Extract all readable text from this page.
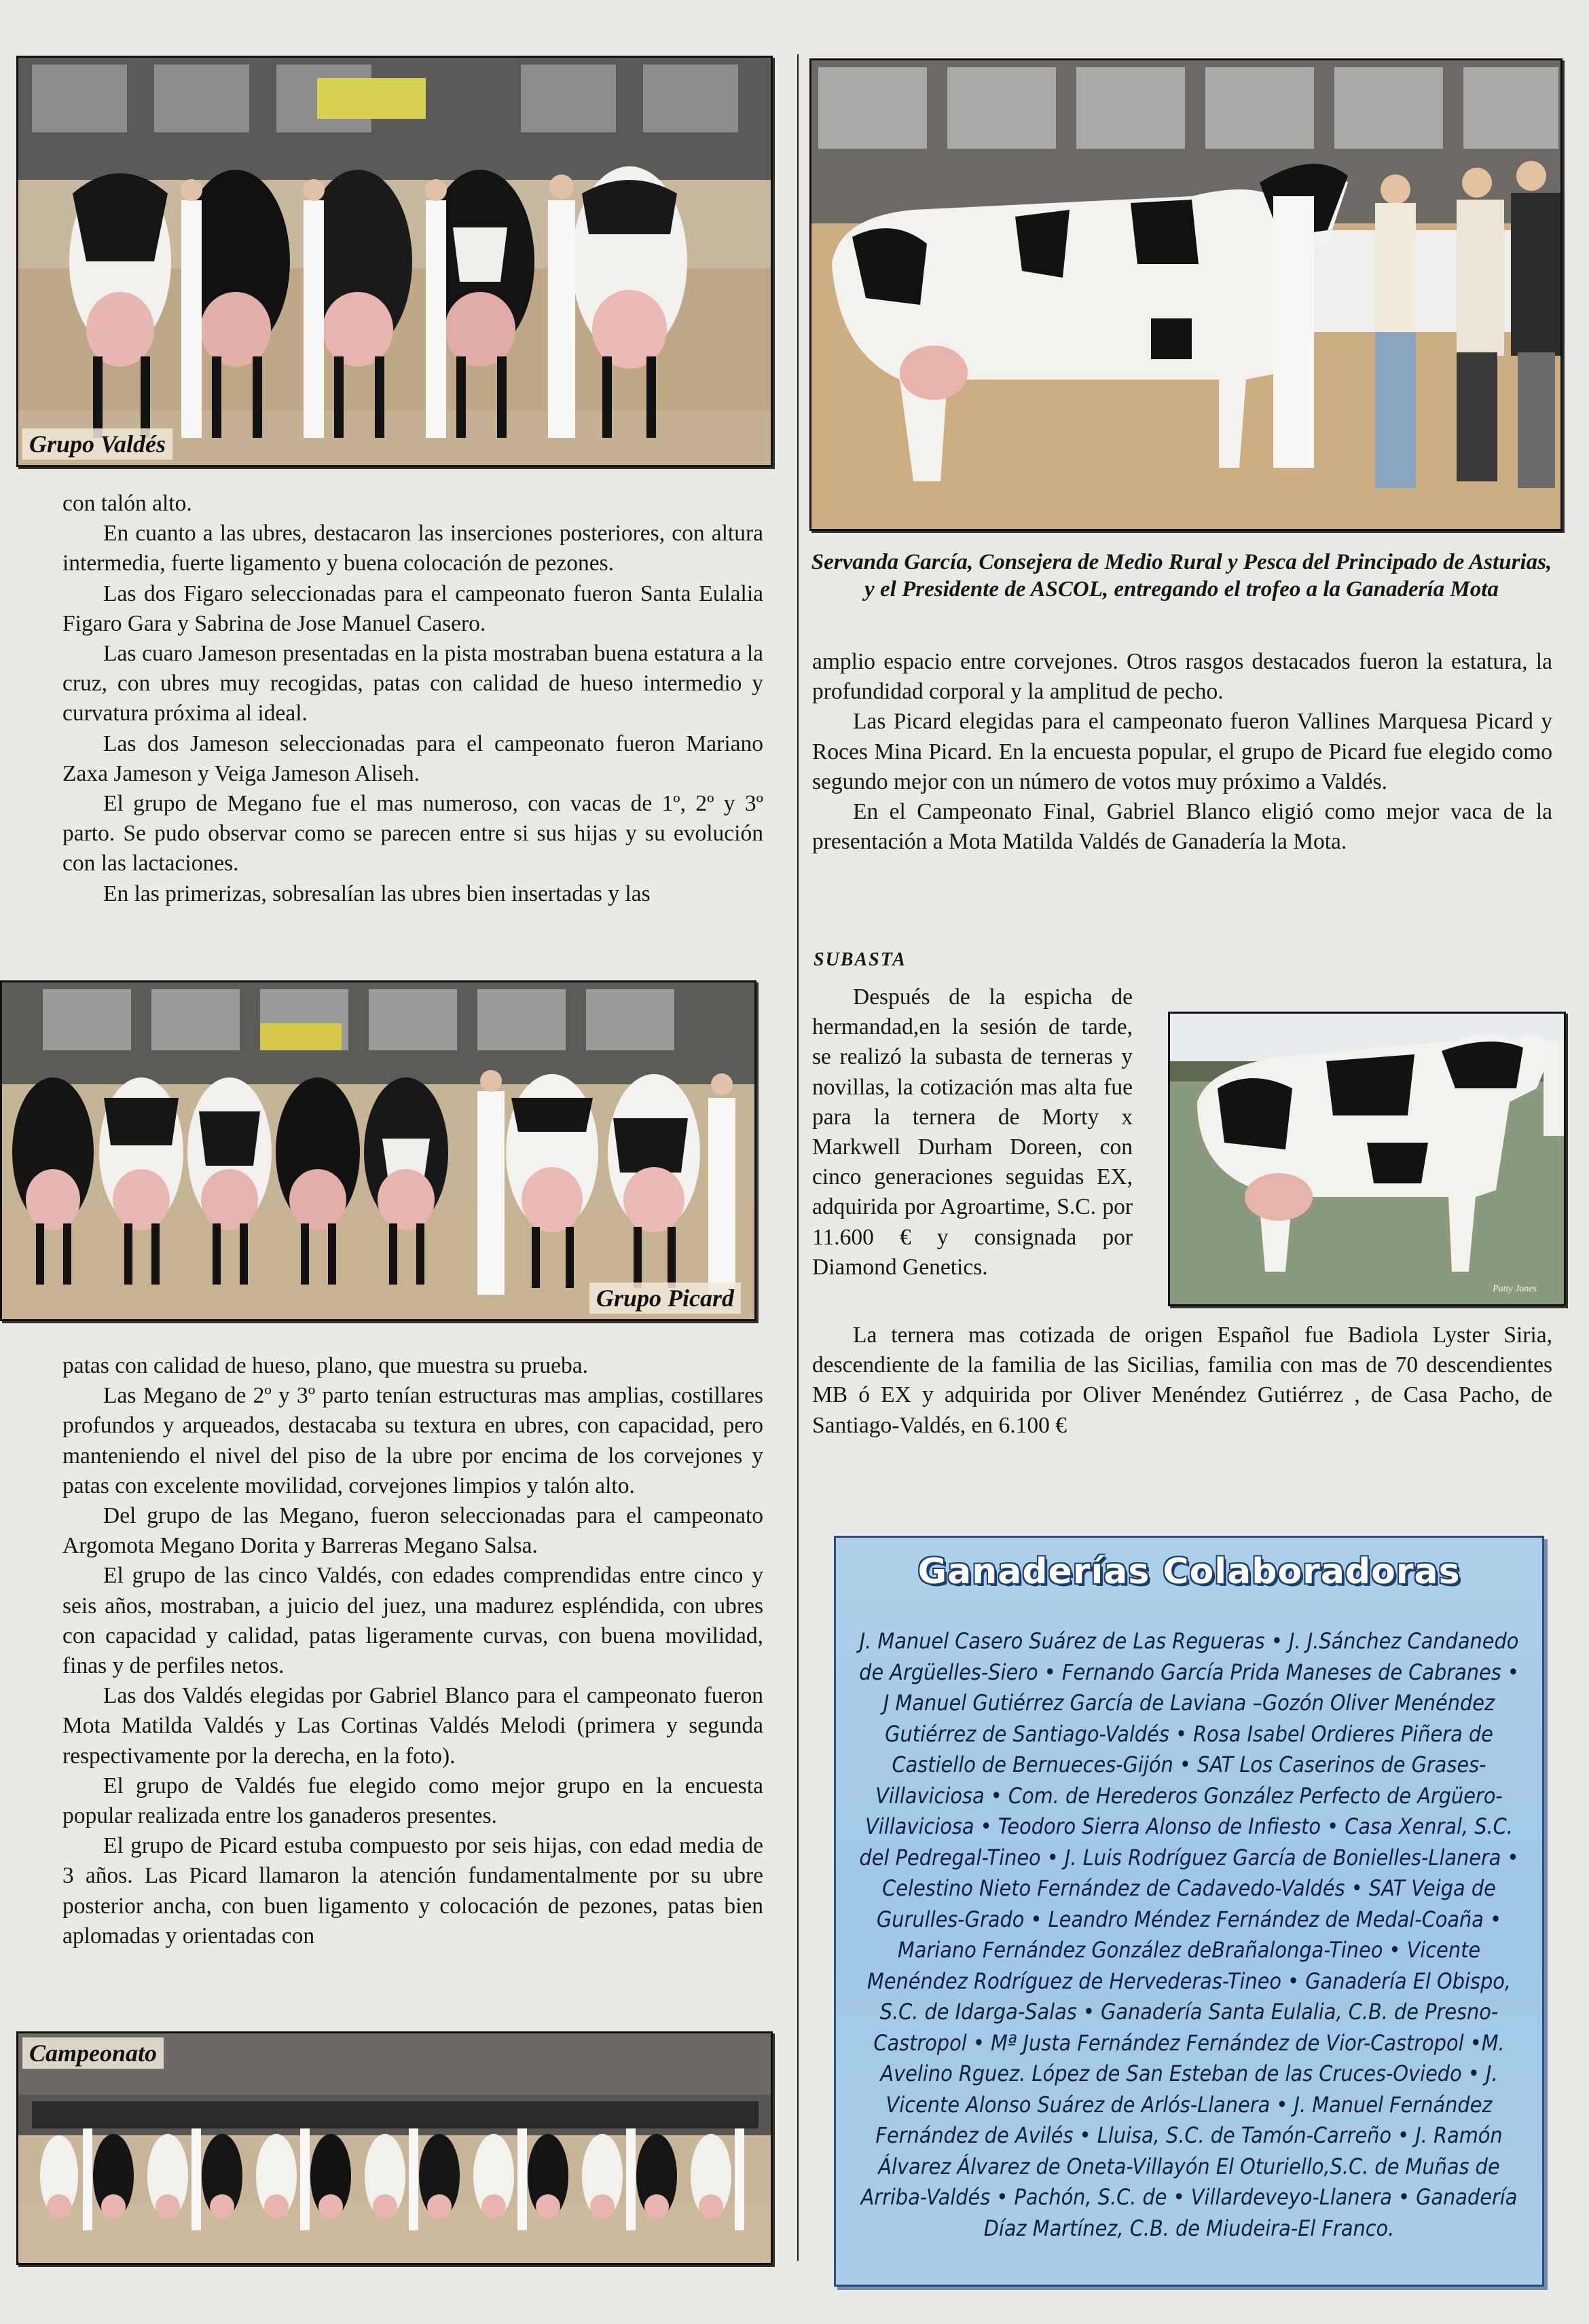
Grupo Valdés

con talón alto.

En cuanto a las ubres, destacaron las inserciones posteriores, con altura intermedia, fuerte ligamento y buena colocación de pezones.

Las dos Figaro seleccionadas para el campeonato fueron Santa Eulalia Figaro Gara y Sabrina de Jose Manuel Casero.

Las cuaro Jameson presentadas en la pista mostraban buena estatura a la cruz, con ubres muy recogidas, patas con calidad de hueso intermedio y curvatura próxima al ideal.

Las dos Jameson seleccionadas para el campeonato fueron Mariano Zaxa Jameson y Veiga Jameson Aliseh.

El grupo de Megano fue el mas numeroso, con vacas de 1º, 2º y 3º parto. Se pudo observar como se parecen entre si sus hijas y su evolución con las lactaciones.

En las primerizas, sobresalían las ubres bien insertadas y las

Grupo Picard

patas con calidad de hueso, plano, que muestra su prueba.

Las Megano de 2º y 3º parto tenían estructuras mas amplias, costillares profundos y arqueados, destacaba su textura en ubres, con capacidad, pero manteniendo el nivel del piso de la ubre por encima de los corvejones y patas con excelente movilidad, corvejones limpios y talón alto.

Del grupo de las Megano, fueron seleccionadas para el campeonato Argomota Megano Dorita y Barreras Megano Salsa.

El grupo de las cinco Valdés, con edades comprendidas entre cinco y seis años, mostraban, a juicio del juez, una madurez espléndida, con ubres con capacidad y calidad, patas ligeramente curvas, con buena movilidad, finas y de perfiles netos.

Las dos Valdés elegidas por Gabriel Blanco para el campeonato fueron Mota Matilda Valdés y Las Cortinas Valdés Melodi (primera y segunda respectivamente por la derecha, en la foto).

El grupo de Valdés fue elegido como mejor grupo en la encuesta popular realizada entre los ganaderos presentes.

El grupo de Picard estuba compuesto por seis hijas, con edad media de 3 años. Las Picard llamaron la atención fundamentalmente por su ubre posterior ancha, con buen ligamento y colocación de pezones, patas bien aplomadas y orientadas con

Campeonato
Servanda García, Consejera de Medio Rural y Pesca del Principado de Asturias, y el Presidente de ASCOL, entregando el trofeo a la Ganadería Mota

amplio espacio entre corvejones. Otros rasgos destacados fueron la estatura, la profundidad corporal y la amplitud de pecho.

Las Picard elegidas para el campeonato fueron Vallines Marquesa Picard y Roces Mina Picard. En la encuesta popular, el grupo de Picard fue elegido como segundo mejor con un número de votos muy próximo a Valdés.

En el Campeonato Final, Gabriel Blanco eligió como mejor vaca de la presentación a Mota Matilda Valdés de Ganadería la Mota.

SUBASTA

Después de la espicha de hermandad,en la sesión de tarde, se realizó la subasta de terneras y novillas, la cotización mas alta fue para la ternera de Morty x Markwell Durham Doreen, con cinco generaciones seguidas EX, adquirida por Agroartime, S.C. por 11.600 € y consignada por Diamond Genetics.

Patty Jones

La ternera mas cotizada de origen Español fue Badiola Lyster Siria, descendiente de la familia de las Sicilias, familia con mas de 70 descendientes MB ó EX y adquirida por Oliver Menéndez Gutiérrez , de Casa Pacho, de Santiago-Valdés, en 6.100 €

Ganaderías Colaboradoras
J. Manuel Casero Suárez de Las Regueras • J. J.Sánchez Candanedo de Argüelles-Siero • Fernando García Prida Maneses de Cabranes • J Manuel Gutiérrez García de Laviana –Gozón Oliver Menéndez Gutiérrez de Santiago-Valdés • Rosa Isabel Ordieres Piñera de Castiello de Bernueces-Gijón • SAT Los Caserinos de Grases-Villaviciosa • Com. de Herederos González Perfecto de Argüero-Villaviciosa • Teodoro Sierra Alonso de Infiesto • Casa Xenral, S.C. del Pedregal-Tineo • J. Luis Rodríguez García de Bonielles-Llanera • Celestino Nieto Fernández de Cadavedo-Valdés • SAT Veiga de Gurulles-Grado • Leandro Méndez Fernández de Medal-Coaña • Mariano Fernández González deBrañalonga-Tineo • Vicente Menéndez Rodríguez de Hervederas-Tineo • Ganadería El Obispo, S.C. de Idarga-Salas • Ganadería Santa Eulalia, C.B. de Presno-Castropol • Mª Justa Fernández Fernández de Vior-Castropol •M. Avelino Rguez. López de San Esteban de las Cruces-Oviedo • J. Vicente Alonso Suárez de Arlós-Llanera • J. Manuel Fernández Fernández de Avilés • Lluisa, S.C. de Tamón-Carreño • J. Ramón Álvarez Álvarez de Oneta-Villayón El Oturiello,S.C. de Muñas de Arriba-Valdés • Pachón, S.C. de • Villardeveyo-Llanera • Ganadería Díaz Martínez, C.B. de Miudeira-El Franco.
